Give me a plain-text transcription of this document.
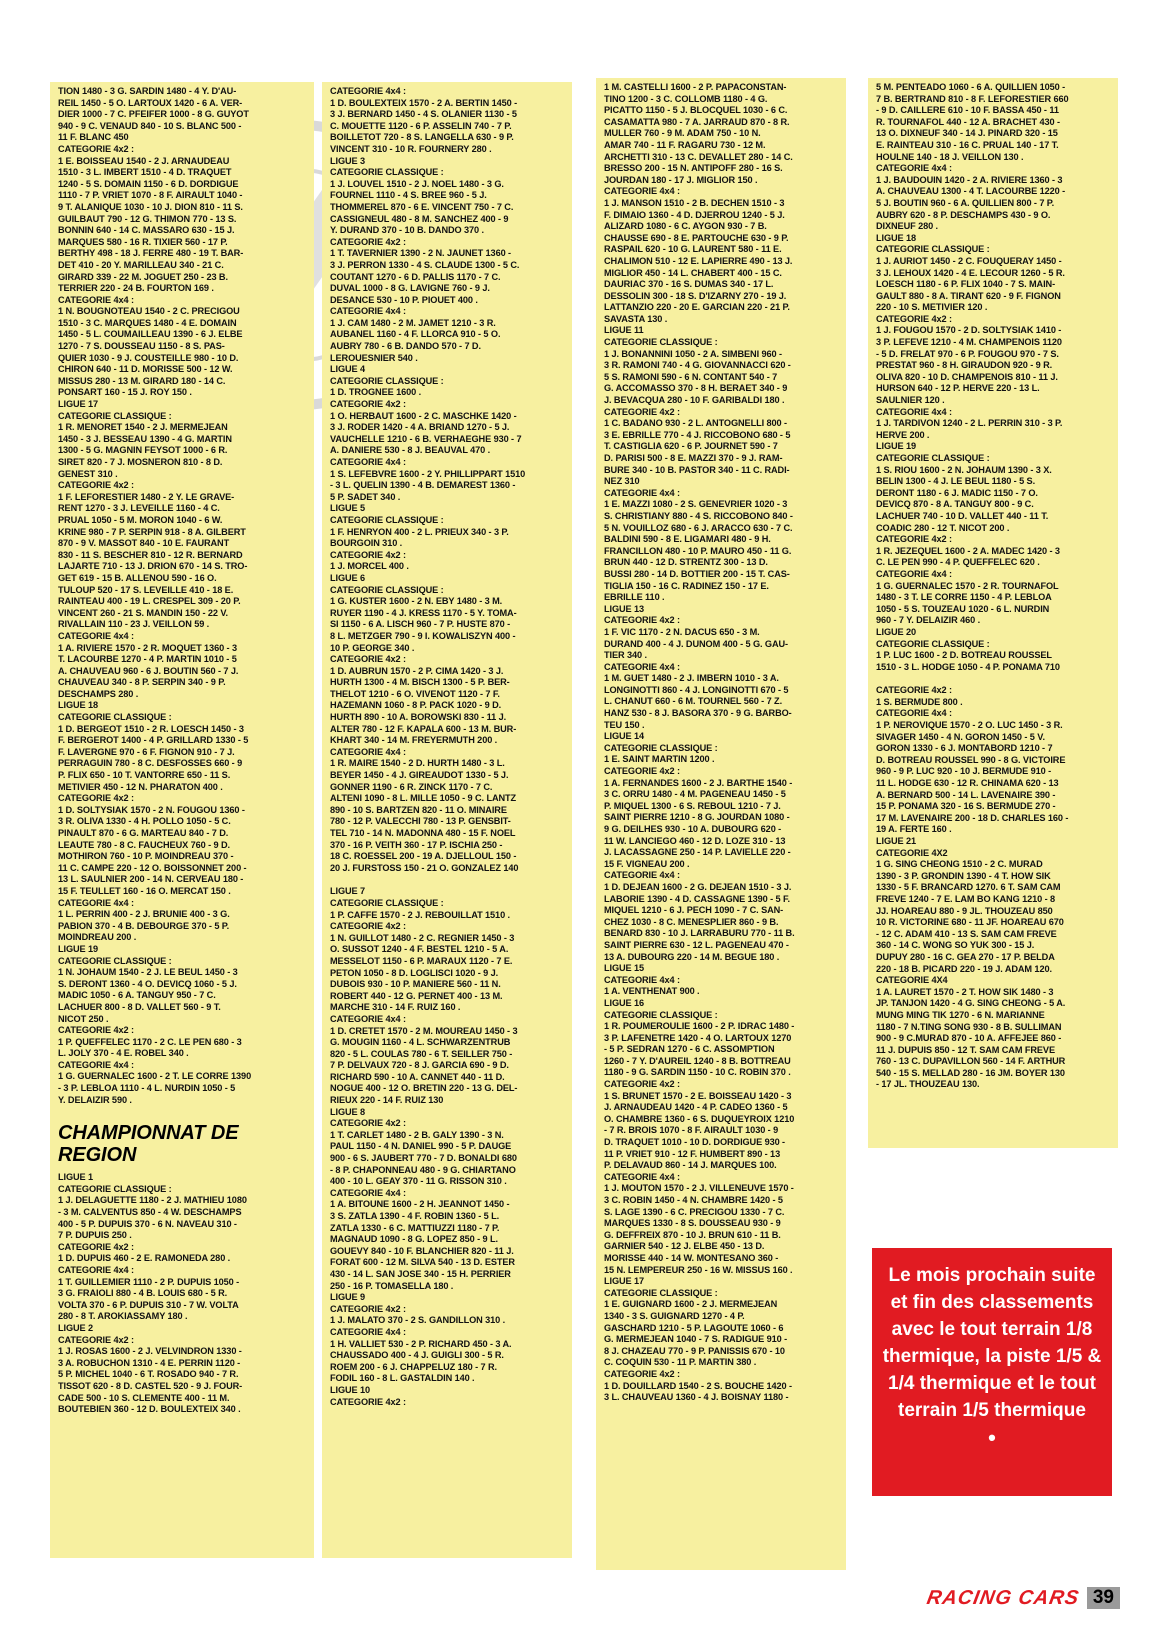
TION 1480 - 3 G. SARDIN 1480 - 4 Y. D'AU-
REIL 1450 - 5 O. LARTOUX 1420 - 6 A. VER-
DIER 1000 - 7 C. PFEIFER 1000 - 8 G. GUYOT
940 - 9 C. VENAUD 840 - 10 S. BLANC 500 -
11 F. BLANC 450
CATEGORIE 4x2 :
1 E. BOISSEAU 1540 - 2 J. ARNAUDEAU
1510 - 3 L. IMBERT 1510 - 4 D. TRAQUET
1240 - 5 S. DOMAIN 1150 - 6 D. DORDIGUE
1110 - 7 P. VRIET 1070 - 8 F. AIRAULT 1040 -
9 T. ALANIQUE 1030 - 10 J. DION 810 - 11 S.
GUILBAUT 790 - 12 G. THIMON 770 - 13 S.
BONNIN 640 - 14 C. MASSARO 630 - 15 J.
MARQUES 580 - 16 R. TIXIER 560 - 17 P.
BERTHY 498 - 18 J. FERRE 480 - 19 T. BAR-
DET 410 - 20 Y. MARILLEAU 340 - 21 C.
GIRARD 339 - 22 M. JOGUET 250 - 23 B.
TERRIER 220 - 24 B. FOURTON 169 .
CATEGORIE 4x4 :
1 N. BOUGNOTEAU 1540 - 2 C. PRECIGOU
1510 - 3 C. MARQUES 1480 - 4 E. DOMAIN
1450 - 5 L. COUMAILLEAU 1390 - 6 J. ELBE
1270 - 7 S. DOUSSEAU 1150 - 8 S. PAS-
QUIER 1030 - 9 J. COUSTEILLE 980 - 10 D.
CHIRON 640 - 11 D. MORISSE 500 - 12 W.
MISSUS 280 - 13 M. GIRARD 180 - 14 C.
PONSART 160 - 15 J. ROY 150 .
LIGUE 17
CATEGORIE CLASSIQUE :
1 R. MENORET 1540 - 2 J. MERMEJEAN
1450 - 3 J. BESSEAU 1390 - 4 G. MARTIN
1300 - 5 G. MAGNIN FEYSOT 1000 - 6 R.
SIRET 820 - 7 J. MOSNERON 810 - 8 D.
GENEST 310 .
CATEGORIE 4x2 :
1 F. LEFORESTIER 1480 - 2 Y. LE GRAVE-
RENT 1270 - 3 J. LEVEILLE 1160 - 4 C.
PRUAL 1050 - 5 M. MORON 1040 - 6 W.
KRINE 980 - 7 P. SERPIN 918 - 8 A. GILBERT
870 - 9 V. MASSOT 840 - 10 E. FAURANT
830 - 11 S. BESCHER 810 - 12 R. BERNARD
LAJARTE 710 - 13 J. DRION 670 - 14 S. TRO-
GET 619 - 15 B. ALLENOU 590 - 16 O.
TULOUP 520 - 17 S. LEVEILLE 410 - 18 E.
RAINTEAU 400 - 19 L. CRESPEL 309 - 20 P.
VINCENT 260 - 21 S. MANDIN 150 - 22 V.
RIVALLAIN 110 - 23 J. VEILLON 59 .
CATEGORIE 4x4 :
1 A. RIVIERE 1570 - 2 R. MOQUET 1360 - 3
T. LACOURBE 1270 - 4 P. MARTIN 1010 - 5
A. CHAUVEAU 960 - 6 J. BOUTIN 560 - 7 J.
CHAUVEAU 340 - 8 P. SERPIN 340 - 9 P.
DESCHAMPS 280 .
LIGUE 18
CATEGORIE CLASSIQUE :
1 D. BERGEOT 1510 - 2 R. LOESCH 1450 - 3
F. BERGEROT 1400 - 4 P. GRILLARD 1330 - 5
F. LAVERGNE 970 - 6 F. FIGNON 910 - 7 J.
PERRAGUIN 780 - 8 C. DESFOSSES 660 - 9
P. FLIX 650 - 10 T. VANTORRE 650 - 11 S.
METIVIER 450 - 12 N. PHARATON 400 .
CATEGORIE 4x2 :
1 D. SOLTYSIAK 1570 - 2 N. FOUGOU 1360 -
3 R. OLIVA 1330 - 4 H. POLLO 1050 - 5 C.
PINAULT 870 - 6 G. MARTEAU 840 - 7 D.
LEAUTE 780 - 8 C. FAUCHEUX 760 - 9 D.
MOTHIRON 760 - 10 P. MOINDREAU 370 -
11 C. CAMPE 220 - 12 O. BOISSONNET 200 -
13 L. SAULNIER 200 - 14 N. CERVEAU 180 -
15 F. TEULLET 160 - 16 O. MERCAT 150 .
CATEGORIE 4x4 :
1 L. PERRIN 400 - 2 J. BRUNIE 400 - 3 G.
PABION 370 - 4 B. DEBOURGE 370 - 5 P.
MOINDREAU 200 .
LIGUE 19
CATEGORIE CLASSIQUE :
1 N. JOHAUM 1540 - 2 J. LE BEUL 1450 - 3
S. DERONT 1360 - 4 O. DEVICQ 1060 - 5 J.
MADIC 1050 - 6 A. TANGUY 950 - 7 C.
LACHUER 800 - 8 D. VALLET 560 - 9 T.
NICOT 250 .
CATEGORIE 4x2 :
1 P. QUEFFELEC 1170 - 2 C. LE PEN 680 - 3
L. JOLY 370 - 4 E. ROBEL 340 .
CATEGORIE 4x4 :
1 G. GUERNALEC 1600 - 2 T. LE CORRE 1390
- 3 P. LEBLOA 1110 - 4 L. NURDIN 1050 - 5
Y. DELAIZIR 590 .
CHAMPIONNAT DE REGION
LIGUE 1
CATEGORIE CLASSIQUE :
1 J. DELAGUETTE 1180 - 2 J. MATHIEU 1080
- 3 M. CALVENTUS 850 - 4 W. DESCHAMPS
400 - 5 P. DUPUIS 370 - 6 N. NAVEAU 310 -
7 P. DUPUIS 250 .
CATEGORIE 4x2 :
1 D. DUPUIS 460 - 2 E. RAMONEDA 280 .
CATEGORIE 4x4 :
1 T. GUILLEMIER 1110 - 2 P. DUPUIS 1050 -
3 G. FRAIOLI 880 - 4 B. LOUIS 680 - 5 R.
VOLTA 370 - 6 P. DUPUIS 310 - 7 W. VOLTA
280 - 8 T. AROKIASSAMY 180 .
LIGUE 2
CATEGORIE 4x2 :
1 J. ROSAS 1600 - 2 J. VELVINDRON 1330 -
3 A. ROBUCHON 1310 - 4 E. PERRIN 1120 -
5 P. MICHEL 1040 - 6 T. ROSADO 940 - 7 R.
TISSOT 620 - 8 D. CASTEL 520 - 9 J. FOUR-
CADE 500 - 10 S. CLEMENTE 400 - 11 M.
BOUTEBIEN 360 - 12 D. BOULEXTEIX 340 .
CATEGORIE 4x4 :
1 D. BOULEXTEIX 1570 - 2 A. BERTIN 1450 -
3 J. BERNARD 1450 - 4 S. OLANIER 1130 - 5
C. MOUETTE 1120 - 6 P. ASSELIN 740 - 7 P.
BOILLETOT 720 - 8 S. LANGELLA 630 - 9 P.
VINCENT 310 - 10 R. FOURNERY 280 .
LIGUE 3
CATEGORIE CLASSIQUE :
1 J. LOUVEL 1510 - 2 J. NOEL 1480 - 3 G.
FOURNEL 1110 - 4 S. BREE 960 - 5 J.
THOMMEREL 870 - 6 E. VINCENT 750 - 7 C.
CASSIGNEUL 480 - 8 M. SANCHEZ 400 - 9
Y. DURAND 370 - 10 B. DANDO 370 .
CATEGORIE 4x2 :
1 T. TAVERNIER 1390 - 2 N. JAUNET 1360 -
3 J. PERRON 1330 - 4 S. CLAUDE 1300 - 5 C.
COUTANT 1270 - 6 D. PALLIS 1170 - 7 C.
DUVAL 1000 - 8 G. LAVIGNE 760 - 9 J.
DESANCE 530 - 10 P. PIOUET 400 .
CATEGORIE 4x4 :
1 J. CAM 1480 - 2 M. JAMET 1210 - 3 R.
AUBANEL 1160 - 4 F. LLORCA 910 - 5 O.
AUBRY 780 - 6 B. DANDO 570 - 7 D.
LEROUESNIER 540 .
LIGUE 4
CATEGORIE CLASSIQUE :
1 D. TROGNEE 1600 .
CATEGORIE 4x2 :
1 O. HERBAUT 1600 - 2 C. MASCHKE 1420 -
3 J. RODER 1420 - 4 A. BRIAND 1270 - 5 J.
VAUCHELLE 1210 - 6 B. VERHAEGHE 930 - 7
A. DANIERE 530 - 8 J. BEAUVAL 470 .
CATEGORIE 4x4 :
1 S. LEFEBVRE 1600 - 2 Y. PHILLIPPART 1510
- 3 L. QUELIN 1390 - 4 B. DEMAREST 1360 -
5 P. SADET 340 .
LIGUE 5
CATEGORIE CLASSIQUE :
1 F. HENRYON 400 - 2 L. PRIEUX 340 - 3 P.
BOURGOIN 310 .
CATEGORIE 4x2 :
1 J. MORCEL 400 .
LIGUE 6
CATEGORIE CLASSIQUE :
1 G. KUSTER 1600 - 2 N. EBY 1480 - 3 M.
RUYER 1190 - 4 J. KRESS 1170 - 5 Y. TOMA-
SI 1150 - 6 A. LISCH 960 - 7 P. HUSTE 870 -
8 L. METZGER 790 - 9 I. KOWALISZYN 400 -
10 P. GEORGE 340 .
CATEGORIE 4x2 :
1 D. AUBRUN 1570 - 2 P. CIMA 1420 - 3 J.
HURTH 1300 - 4 M. BISCH 1300 - 5 P. BER-
THELOT 1210 - 6 O. VIVENOT 1120 - 7 F.
HAZEMANN 1060 - 8 P. PACK 1020 - 9 D.
HURTH 890 - 10 A. BOROWSKI 830 - 11 J.
ALTER 780 - 12 F. KAPALA 600 - 13 M. BUR-
KHART 340 - 14 M. FREYERMUTH 200 .
CATEGORIE 4x4 :
1 R. MAIRE 1540 - 2 D. HURTH 1480 - 3 L.
BEYER 1450 - 4 J. GIREAUDOT 1330 - 5 J.
GONNER 1190 - 6 R. ZINCK 1170 - 7 C.
ALTENI 1090 - 8 L. MILLE 1050 - 9 C. LANTZ
890 - 10 S. BARTZEN 820 - 11 O. MINAIRE
780 - 12 P. VALECCHI 780 - 13 P. GENSBIT-
TEL 710 - 14 N. MADONNA 480 - 15 F. NOEL
370 - 16 P. VEITH 360 - 17 P. ISCHIA 250 -
18 C. ROESSEL 200 - 19 A. DJELLOUL 150 -
20 J. FURSTOSS 150 - 21 O. GONZALEZ 140
LIGUE 7
CATEGORIE CLASSIQUE :
1 P. CAFFE 1570 - 2 J. REBOUILLAT 1510 .
CATEGORIE 4x2 :
1 N. GUILLOT 1480 - 2 C. REGNIER 1450 - 3
O. SUSSOT 1240 - 4 F. BESTEL 1210 - 5 A.
MESSELOT 1150 - 6 P. MARAUX 1120 - 7 E.
PETON 1050 - 8 D. LOGLISCI 1020 - 9 J.
DUBOIS 930 - 10 P. MANIERE 560 - 11 N.
ROBERT 440 - 12 G. PERNET 400 - 13 M.
MARCHE 310 - 14 F. RUIZ 160 .
CATEGORIE 4x4 :
1 D. CRETET 1570 - 2 M. MOUREAU 1450 - 3
G. MOUGIN 1160 - 4 L. SCHWARZENTRUB
820 - 5 L. COULAS 780 - 6 T. SEILLER 750 -
7 P. DELVAUX 720 - 8 J. GARCIA 690 - 9 D.
RICHARD 590 - 10 A. CANNET 440 - 11 D.
NOGUE 400 - 12 O. BRETIN 220 - 13 G. DEL-
RIEUX 220 - 14 F. RUIZ 130
LIGUE 8
CATEGORIE 4x2 :
1 T. CARLET 1480 - 2 B. GALY 1390 - 3 N.
PAUL 1150 - 4 N. DANIEL 990 - 5 P. DAUGE
900 - 6 S. JAUBERT 770 - 7 D. BONALDI 680
- 8 P. CHAPONNEAU 480 - 9 G. CHIARTANO
400 - 10 L. GEAY 370 - 11 G. RISSON 310 .
CATEGORIE 4x4 :
1 A. BITOUNE 1600 - 2 H. JEANNOT 1450 -
3 S. ZATLA 1390 - 4 F. ROBIN 1360 - 5 L.
ZATLA 1330 - 6 C. MATTIUZZI 1180 - 7 P.
MAGNAUD 1090 - 8 G. LOPEZ 850 - 9 L.
GOUEVY 840 - 10 F. BLANCHIER 820 - 11 J.
FORAT 600 - 12 M. SILVA 540 - 13 D. ESTER
430 - 14 L. SAN JOSE 340 - 15 H. PERRIER
250 - 16 P. TOMASELLA 180 .
LIGUE 9
CATEGORIE 4x2 :
1 J. MALATO 370 - 2 S. GANDILLON 310 .
CATEGORIE 4x4 :
1 H. VALLIET 530 - 2 P. RICHARD 450 - 3 A.
CHAUSSADO 400 - 4 J. GUIGLI 300 - 5 R.
ROEM 200 - 6 J. CHAPPELUZ 180 - 7 R.
FODIL 160 - 8 L. GASTALDIN 140 .
LIGUE 10
CATEGORIE 4x2 :
1 M. CASTELLI 1600 - 2 P. PAPACONSTAN-
TINO 1200 - 3 C. COLLOMB 1180 - 4 G.
PICATTO 1150 - 5 J. BLOCQUEL 1030 - 6 C.
CASAMATTA 980 - 7 A. JARRAUD 870 - 8 R.
MULLER 760 - 9 M. ADAM 750 - 10 N.
AMAR 740 - 11 F. RAGARU 730 - 12 M.
ARCHETTI 310 - 13 C. DEVALLET 280 - 14 C.
BRESSO 200 - 15 N. ANTIPOFF 280 - 16 S.
JOURDAN 180 - 17 J. MIGLIOR 150 .
CATEGORIE 4x4 :
1 J. MANSON 1510 - 2 B. DECHEN 1510 - 3
F. DIMAIO 1360 - 4 D. DJERROU 1240 - 5 J.
ALIZARD 1080 - 6 C. AYGON 930 - 7 B.
CHAUSSE 690 - 8 E. PARTOUCHE 630 - 9 P.
RASPAIL 620 - 10 G. LAURENT 580 - 11 E.
CHALIMON 510 - 12 E. LAPIERRE 490 - 13 J.
MIGLIOR 450 - 14 L. CHABERT 400 - 15 C.
DAURIAC 370 - 16 S. DUMAS 340 - 17 L.
DESSOLIN 300 - 18 S. D'IZARNY 270 - 19 J.
LATTANZIO 220 - 20 E. GARCIAN 220 - 21 P.
SAVASTA 130 .
LIGUE 11
CATEGORIE CLASSIQUE :
1 J. BONANNINI 1050 - 2 A. SIMBENI 960 -
3 R. RAMONI 740 - 4 G. GIOVANNACCI 620 -
5 S. RAMONI 590 - 6 N. CONTANT 540 - 7
G. ACCOMASSO 370 - 8 H. BERAET 340 - 9
J. BEVACQUA 280 - 10 F. GARIBALDI 180 .
CATEGORIE 4x2 :
1 C. BADANO 930 - 2 L. ANTOGNELLI 800 -
3 E. EBRILLE 770 - 4 J. RICCOBONO 680 - 5
T. CASTIGLIA 620 - 6 P. JOURNET 590 - 7
D. PARISI 500 - 8 E. MAZZI 370 - 9 J. RAM-
BURE 340 - 10 B. PASTOR 340 - 11 C. RADI-
NEZ 310
CATEGORIE 4x4 :
1 E. MAZZI 1080 - 2 S. GENEVRIER 1020 - 3
S. CHRISTIANY 880 - 4 S. RICCOBONO 840 -
5 N. VOUILLOZ 680 - 6 J. ARACCO 630 - 7 C.
BALDINI 590 - 8 E. LIGAMARI 480 - 9 H.
FRANCILLON 480 - 10 P. MAURO 450 - 11 G.
BRUN 440 - 12 D. STRENTZ 300 - 13 D.
BUSSI 280 - 14 D. BOTTIER 200 - 15 T. CAS-
TIGLIA 150 - 16 C. RADINEZ 150 - 17 E.
EBRILLE 110 .
LIGUE 13
CATEGORIE 4x2 :
1 F. VIC 1170 - 2 N. DACUS 650 - 3 M.
DURAND 400 - 4 J. DUNOM 400 - 5 G. GAU-
TIER 340 .
CATEGORIE 4x4 :
1 M. GUET 1480 - 2 J. IMBERN 1010 - 3 A.
LONGINOTTI 860 - 4 J. LONGINOTTI 670 - 5
L. CHANUT 660 - 6 M. TOURNEL 560 - 7 Z.
HANZ 530 - 8 J. BASORA 370 - 9 G. BARBO-
TEU 150 .
LIGUE 14
CATEGORIE CLASSIQUE :
1 E. SAINT MARTIN 1200 .
CATEGORIE 4x2 :
1 A. FERNANDES 1600 - 2 J. BARTHE 1540 -
3 C. ORRU 1480 - 4 M. PAGENEAU 1450 - 5
P. MIQUEL 1300 - 6 S. REBOUL 1210 - 7 J.
SAINT PIERRE 1210 - 8 G. JOURDAN 1080 -
9 G. DEILHES 930 - 10 A. DUBOURG 620 -
11 W. LANCIEGO 460 - 12 D. LOZE 310 - 13
J. LACASSAGNE 250 - 14 P. LAVIELLE 220 -
15 F. VIGNEAU 200 .
CATEGORIE 4x4 :
1 D. DEJEAN 1600 - 2 G. DEJEAN 1510 - 3 J.
LABORIE 1390 - 4 D. CASSAGNE 1390 - 5 F.
MIQUEL 1210 - 6 J. PECH 1090 - 7 C. SAN-
CHEZ 1030 - 8 C. MENESPLIER 860 - 9 B.
BENARD 830 - 10 J. LARRABURU 770 - 11 B.
SAINT PIERRE 630 - 12 L. PAGENEAU 470 -
13 A. DUBOURG 220 - 14 M. BEGUE 180 .
LIGUE 15
CATEGORIE 4x4 :
1 A. VENTHENAT 900 .
LIGUE 16
CATEGORIE CLASSIQUE :
1 R. POUMEROULIE 1600 - 2 P. IDRAC 1480 -
3 P. LAFENETRE 1420 - 4 O. LARTOUX 1270
- 5 P. SEDRAN 1270 - 6 C. ASSOMPTION
1260 - 7 Y. D'AUREIL 1240 - 8 B. BOTTREAU
1180 - 9 G. SARDIN 1150 - 10 C. ROBIN 370 .
CATEGORIE 4x2 :
1 S. BRUNET 1570 - 2 E. BOISSEAU 1420 - 3
J. ARNAUDEAU 1420 - 4 P. CADEO 1360 - 5
O. CHAMBRE 1360 - 6 S. DUQUEYROIX 1210
- 7 R. BROIS 1070 - 8 F. AIRAULT 1030 - 9
D. TRAQUET 1010 - 10 D. DORDIGUE 930 -
11 P. VRIET 910 - 12 F. HUMBERT 890 - 13
P. DELAVAUD 860 - 14 J. MARQUES 100.
CATEGORIE 4x4 :
1 J. MOUTON 1570 - 2 J. VILLENEUVE 1570 -
3 C. ROBIN 1450 - 4 N. CHAMBRE 1420 - 5
S. LAGE 1390 - 6 C. PRECIGOU 1330 - 7 C.
MARQUES 1330 - 8 S. DOUSSEAU 930 - 9
G. DEFFREIX 870 - 10 J. BRUN 610 - 11 B.
GARNIER 540 - 12 J. ELBE 450 - 13 D.
MORISSE 440 - 14 W. MONTESANO 360 -
15 N. LEMPEREUR 250 - 16 W. MISSUS 160 .
LIGUE 17
CATEGORIE CLASSIQUE :
1 E. GUIGNARD 1600 - 2 J. MERMEJEAN
1340 - 3 S. GUIGNARD 1270 - 4 P.
GASCHARD 1210 - 5 P. LAGOUTE 1060 - 6
G. MERMEJEAN 1040 - 7 S. RADIGUE 910 -
8 J. CHAZEAU 770 - 9 P. PANISSIS 670 - 10
C. COQUIN 530 - 11 P. MARTIN 380 .
CATEGORIE 4x2 :
1 D. DOUILLARD 1540 - 2 S. BOUCHE 1420 -
3 L. CHAUVEAU 1360 - 4 J. BOISNAY 1180 -
5 M. PENTEADO 1060 - 6 A. QUILLIEN 1050 -
7 B. BERTRAND 810 - 8 F. LEFORESTIER 660
- 9 D. CAILLERE 610 - 10 F. BASSA 450 - 11
R. TOURNAFOL 440 - 12 A. BRACHET 430 -
13 O. DIXNEUF 340 - 14 J. PINARD 320 - 15
E. RAINTEAU 310 - 16 C. PRUAL 140 - 17 T.
HOULNE 140 - 18 J. VEILLON 130 .
CATEGORIE 4x4 :
1 J. BAUDOUIN 1420 - 2 A. RIVIERE 1360 - 3
A. CHAUVEAU 1300 - 4 T. LACOURBE 1220 -
5 J. BOUTIN 960 - 6 A. QUILLIEN 800 - 7 P.
AUBRY 620 - 8 P. DESCHAMPS 430 - 9 O.
DIXNEUF 280 .
LIGUE 18
CATEGORIE CLASSIQUE :
1 J. AURIOT 1450 - 2 C. FOUQUERAY 1450 -
3 J. LEHOUX 1420 - 4 E. LECOUR 1260 - 5 R.
LOESCH 1180 - 6 P. FLIX 1040 - 7 S. MAIN-
GAULT 880 - 8 A. TIRANT 620 - 9 F. FIGNON
220 - 10 S. METIVIER 120 .
CATEGORIE 4x2 :
1 J. FOUGOU 1570 - 2 D. SOLTYSIAK 1410 -
3 P. LEFEVE 1210 - 4 M. CHAMPENOIS 1120
- 5 D. FRELAT 970 - 6 P. FOUGOU 970 - 7 S.
PRESTAT 960 - 8 H. GIRAUDON 920 - 9 R.
OLIVA 820 - 10 D. CHAMPENOIS 810 - 11 J.
HURSON 640 - 12 P. HERVE 220 - 13 L.
SAULNIER 120 .
CATEGORIE 4x4 :
1 J. TARDIVON 1240 - 2 L. PERRIN 310 - 3 P.
HERVE 200 .
LIGUE 19
CATEGORIE CLASSIQUE :
1 S. RIOU 1600 - 2 N. JOHAUM 1390 - 3 X.
BELIN 1300 - 4 J. LE BEUL 1180 - 5 S.
DERONT 1180 - 6 J. MADIC 1150 - 7 O.
DEVICQ 870 - 8 A. TANGUY 800 - 9 C.
LACHUER 740 - 10 D. VALLET 440 - 11 T.
COADIC 280 - 12 T. NICOT 200 .
CATEGORIE 4x2 :
1 R. JEZEQUEL 1600 - 2 A. MADEC 1420 - 3
C. LE PEN 990 - 4 P. QUEFFELEC 620 .
CATEGORIE 4x4 :
1 G. GUERNALEC 1570 - 2 R. TOURNAFOL
1480 - 3 T. LE CORRE 1150 - 4 P. LEBLOA
1050 - 5 S. TOUZEAU 1020 - 6 L. NURDIN
960 - 7 Y. DELAIZIR 460 .
LIGUE 20
CATEGORIE CLASSIQUE :
1 P. LUC 1600 - 2 D. BOTREAU ROUSSEL
1510 - 3 L. HODGE 1050 - 4 P. PONAMA 710
CATEGORIE 4x2 :
1 S. BERMUDE 800 .
CATEGORIE 4x4 :
1 P. NEROVIQUE 1570 - 2 O. LUC 1450 - 3 R.
SIVAGER 1450 - 4 N. GORON 1450 - 5 V.
GORON 1330 - 6 J. MONTABORD 1210 - 7
D. BOTREAU ROUSSEL 990 - 8 G. VICTOIRE
960 - 9 P. LUC 920 - 10 J. BERMUDE 910 -
11 L. HODGE 630 - 12 R. CHINAMA 620 - 13
A. BERNARD 500 - 14 L. LAVENAIRE 390 -
15 P. PONAMA 320 - 16 S. BERMUDE 270 -
17 M. LAVENAIRE 200 - 18 D. CHARLES 160 -
19 A. FERTE 160 .
LIGUE 21
CATEGORIE 4X2
1 G. SING CHEONG 1510 - 2 C. MURAD
1390 - 3 P. GRONDIN 1390 - 4 T. HOW SIK
1330 - 5 F. BRANCARD 1270. 6 T. SAM CAM
FREVE 1240 - 7 E. LAM BO KANG 1210 - 8
JJ. HOAREAU 880 - 9 JL. THOUZEAU 850
10 R. VICTORINE 680 - 11 JF. HOAREAU 670
- 12 C. ADAM 410 - 13 S. SAM CAM FREVE
360 - 14 C. WONG SO YUK 300 - 15 J.
DUPUY 280 - 16 C. GEA 270 - 17 P. BELDA
220 - 18 B. PICARD 220 - 19 J. ADAM 120.
CATEGORIE 4X4
1 A. LAURET 1570 - 2 T. HOW SIK 1480 - 3
JP. TANJON 1420 - 4 G. SING CHEONG - 5 A.
MUNG MING TIK 1270 - 6 N. MARIANNE
1180 - 7 N.TING SONG 930 - 8 B. SULLIMAN
900 - 9 C.MURAD 870 - 10 A. AFFEJEE 860 -
11 J. DUPUIS 850 - 12 T. SAM CAM FREVE
760 - 13 C. DUPAVILLON 560 - 14 F. ARTHUR
540 - 15 S. MELLAD 280 - 16 JM. BOYER 130
- 17 JL. THOUZEAU 130.
Le mois prochain suite et fin des classements avec le tout terrain 1/8 thermique, la piste 1/5 & 1/4 thermique et le tout terrain 1/5 thermique
•
RACING CARS 39
